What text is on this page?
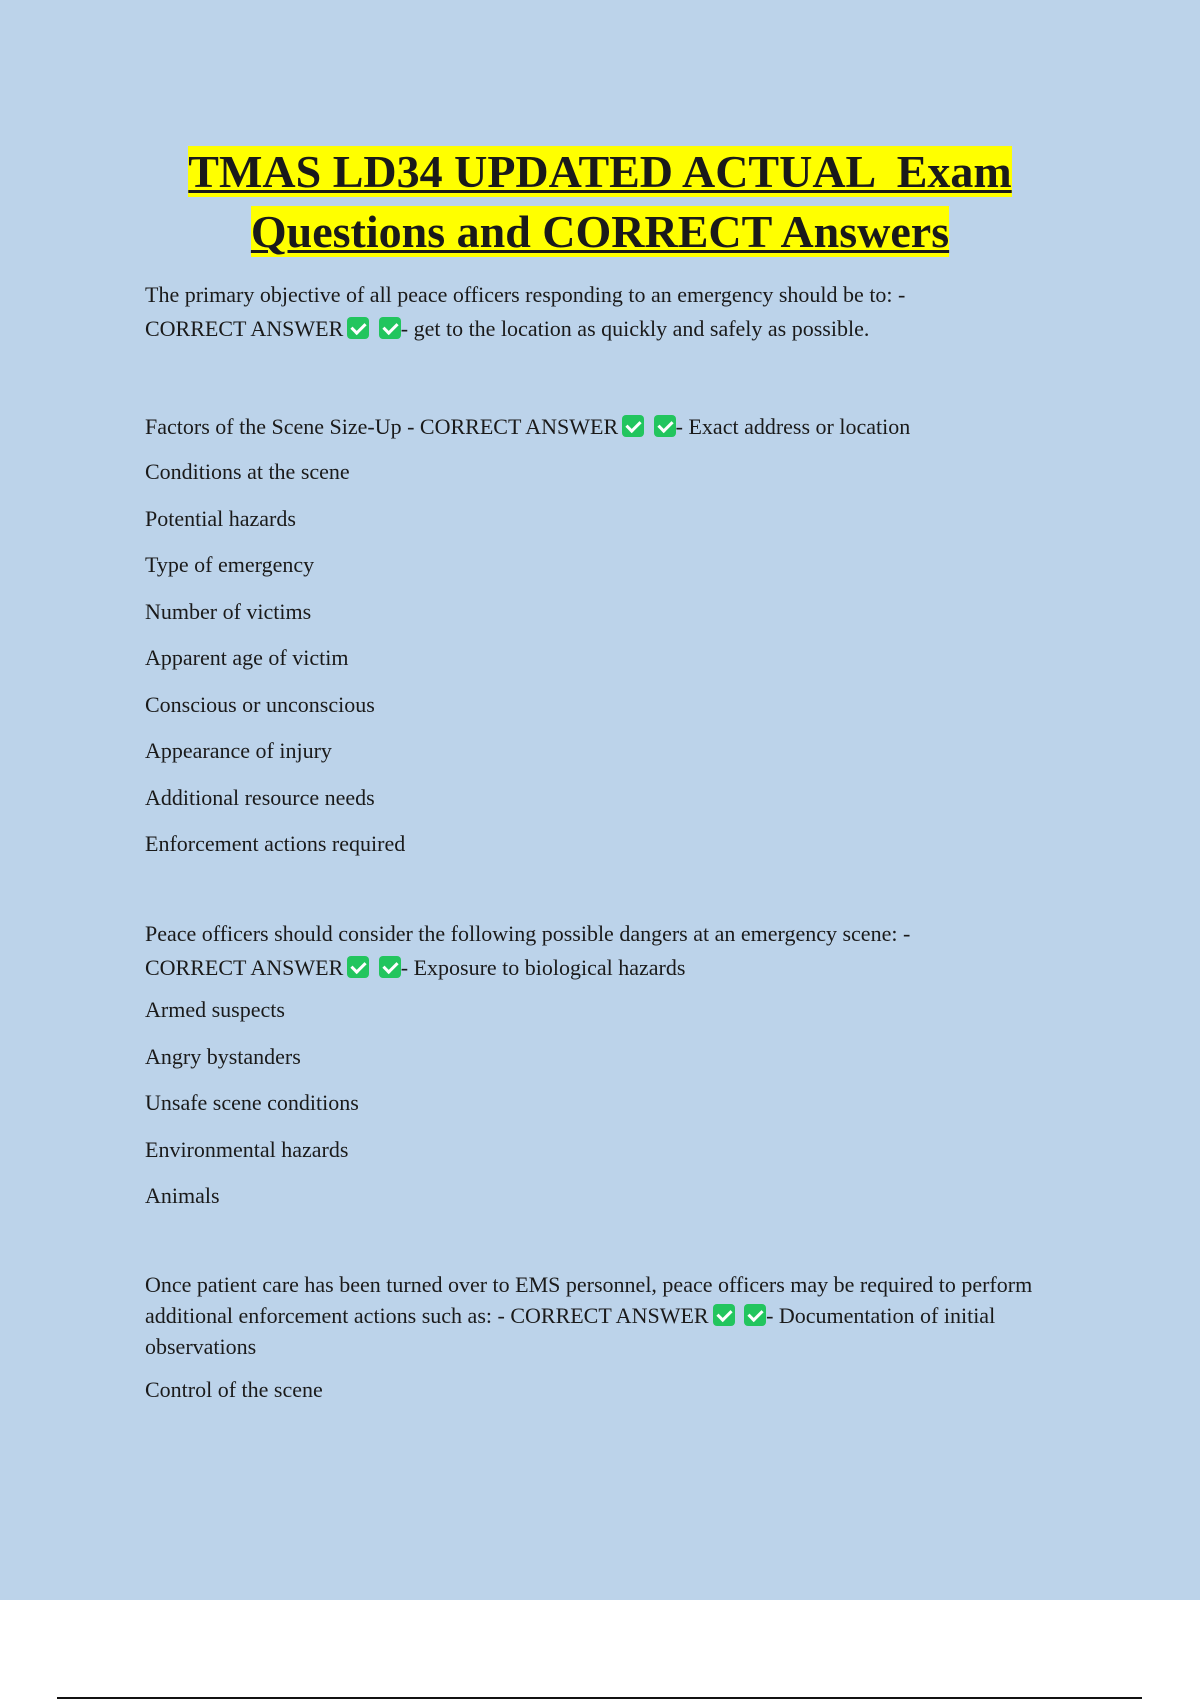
TMAS LD34 UPDATED ACTUAL  Exam
Questions and CORRECT Answers

The primary objective of all peace officers responding to an emergency should be to: -
CORRECT ANSWER	- get to the location as quickly and safely as possible.

Factors of the Scene Size-Up - CORRECT ANSWER	- Exact address or location

Conditions at the scene

Potential hazards

Type of emergency

Number of victims

Apparent age of victim

Conscious or unconscious

Appearance of injury

Additional resource needs

Enforcement actions required

Peace officers should consider the following possible dangers at an emergency scene: -
CORRECT ANSWER	- Exposure to biological hazards

Armed suspects

Angry bystanders

Unsafe scene conditions

Environmental hazards

Animals

Once patient care has been turned over to EMS personnel, peace officers may be required to perform additional enforcement actions such as: - CORRECT ANSWER	- Documentation of initial observations

Control of the scene
